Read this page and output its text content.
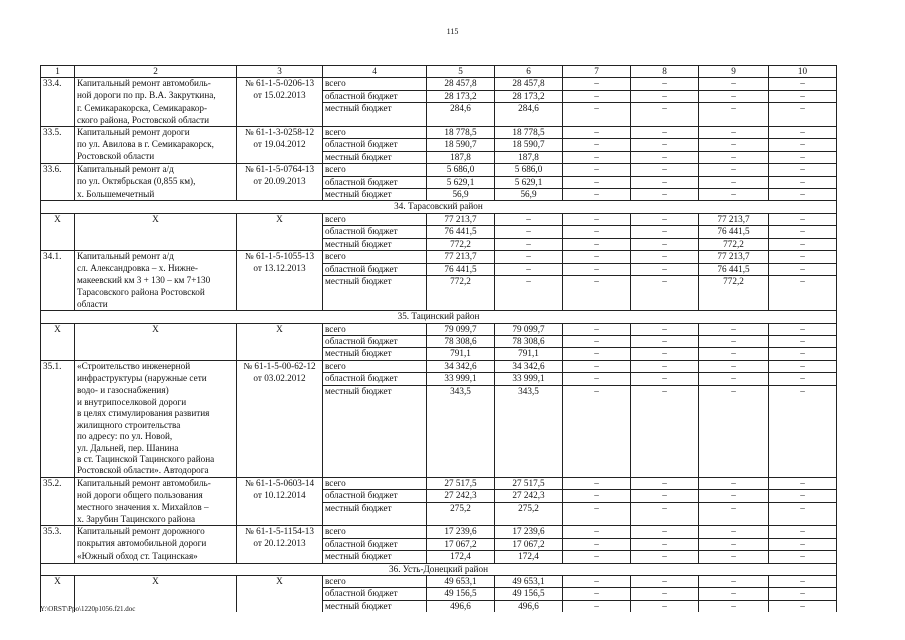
115
1	2	3	4	5	6	7	8	9	10
33.4.	Капитальный ремонт автомобиль-	№ 61-1-5-0206-13	всего	28 457,8	28 457,8	–	–	–	–
	ной дороги по пр. В.А. Закруткина,	от 15.02.2013	областной бюджет	28 173,2	28 173,2	–	–	–	–
	г. Семикаракорска, Семикаракор-		местный бюджет	284,6	284,6	–	–	–	–
	ского района, Ростовской области								
33.5.	Капитальный ремонт дороги	№ 61-1-3-0258-12	всего	18 778,5	18 778,5	–	–	–	–
	по ул. Авилова в г. Семикаракорск,	от 19.04.2012	областной бюджет	18 590,7	18 590,7	–	–	–	–
	Ростовской области		местный бюджет	187,8	187,8	–	–	–	–
33.6.	Капитальный ремонт а/д	№ 61-1-5-0764-13	всего	5 686,0	5 686,0	–	–	–	–
	по ул. Октябрьская (0,855 км),	от 20.09.2013	областной бюджет	5 629,1	5 629,1	–	–	–	–
	х. Большемечетный		местный бюджет	56,9	56,9	–	–	–	–
34. Тарасовский район									
X	X	X	всего	77 213,7	–	–	–	77 213,7	–
			областной бюджет	76 441,5	–	–	–	76 441,5	–
			местный бюджет	772,2	–	–	–	772,2	–
34.1.	Капитальный ремонт а/д	№ 61-1-5-1055-13	всего	77 213,7	–	–	–	77 213,7	–
	сл. Александровка – х. Нижне-	от 13.12.2013	областной бюджет	76 441,5	–	–	–	76 441,5	–
	макеевский км 3 + 130 – км 7+130		местный бюджет	772,2	–	–	–	772,2	–
	Тарасовского района Ростовской								
	области								
35. Тацинский район									
X	X	X	всего	79 099,7	79 099,7	–	–	–	–
			областной бюджет	78 308,6	78 308,6	–	–	–	–
			местный бюджет	791,1	791,1	–	–	–	–
35.1.	«Строительство инженерной	№ 61-1-5-00-62-12	всего	34 342,6	34 342,6	–	–	–	–
	инфраструктуры (наружные сети	от 03.02.2012	областной бюджет	33 999,1	33 999,1	–	–	–	–
	водо- и газоснабжения)		местный бюджет	343,5	343,5	–	–	–	–
	и внутрипоселковой дороги								
	в целях стимулирования развития								
	жилищного строительства								
	по адресу: по ул. Новой,								
	ул. Дальней, пер. Шанина								
	в ст. Тацинской Тацинского района								
	Ростовской области». Автодорога								
35.2.	Капитальный ремонт автомобиль-	№ 61-1-5-0603-14	всего	27 517,5	27 517,5	–	–	–	–
	ной дороги общего пользования	от 10.12.2014	областной бюджет	27 242,3	27 242,3	–	–	–	–
	местного значения х. Михайлов –		местный бюджет	275,2	275,2	–	–	–	–
	х. Зарубин Тацинского района								
35.3.	Капитальный ремонт дорожного	№ 61-1-5-1154-13	всего	17 239,6	17 239,6	–	–	–	–
	покрытия автомобильной дороги	от 20.12.2013	областной бюджет	17 067,2	17 067,2	–	–	–	–
	«Южный обход ст. Тацинская»		местный бюджет	172,4	172,4	–	–	–	–
36. Усть-Донецкий район									
X	X	X	всего	49 653,1	49 653,1	–	–	–	–
			областной бюджет	49 156,5	49 156,5	–	–	–	–
			местный бюджет	496,6	496,6	–	–	–	–
Y:\ORST\Ppo\1220p1056.f21.doc
